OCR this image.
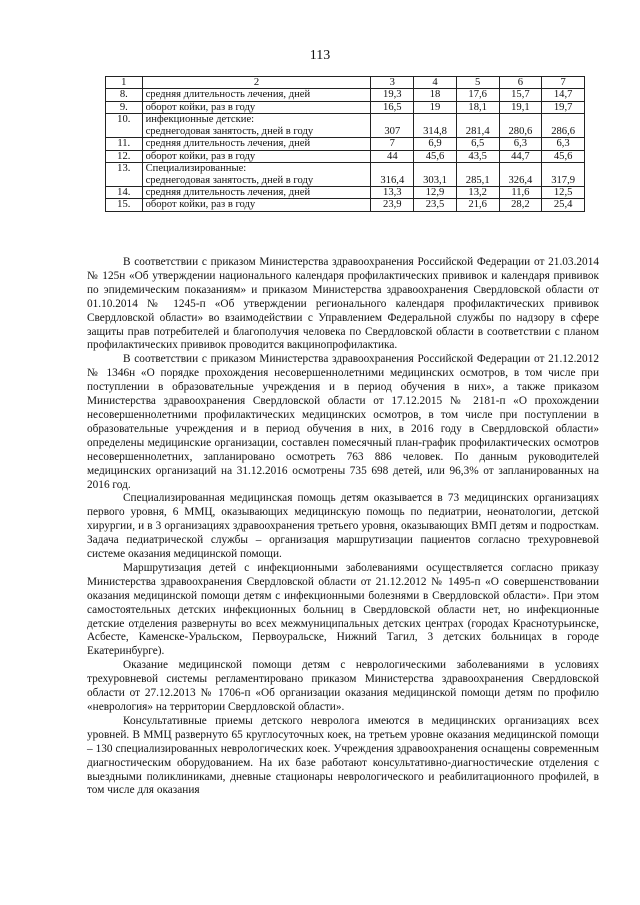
113
1	2	3	4	5	6	7
8.	средняя длительность лечения, дней	19,3	18	17,6	15,7	14,7
9.	оборот койки, раз в году	16,5	19	18,1	19,1	19,7
10.	инфекционные детские:
среднегодовая занятость, дней в году	307	314,8	281,4	280,6	286,6
11.	средняя длительность лечения, дней	7	6,9	6,5	6,3	6,3
12.	оборот койки, раз в году	44	45,6	43,5	44,7	45,6
13.	Специализированные:
среднегодовая занятость, дней в году	316,4	303,1	285,1	326,4	317,9
14.	средняя длительность лечения, дней	13,3	12,9	13,2	11,6	12,5
15.	оборот койки, раз в году	23,9	23,5	21,6	28,2	25,4

В соответствии с приказом Министерства здравоохранения Российской Федерации от 21.03.2014 № 125н «Об утверждении национального календаря профилактических прививок и календаря прививок по эпидемическим показаниям» и приказом Министерства здравоохранения Свердловской области от 01.10.2014 № 1245-п «Об утверждении регионального календаря профилактических прививок Свердловской области» во взаимодействии с Управлением Федеральной службы по надзору в сфере защиты прав потребителей и благополучия человека по Свердловской области в соответствии с планом профилактических прививок проводится вакцинопрофилактика.

В соответствии с приказом Министерства здравоохранения Российской Федерации от 21.12.2012 № 1346н «О порядке прохождения несовершеннолетними медицинских осмотров, в том числе при поступлении в образовательные учреждения и в период обучения в них», а также приказом Министерства здравоохранения Свердловской области от 17.12.2015 № 2181-п «О прохождении несовершеннолетними профилактических медицинских осмотров, в том числе при поступлении в образовательные учреждения и в период обучения в них, в 2016 году в Свердловской области» определены медицинские организации, составлен помесячный план-график профилактических осмотров несовершеннолетних, запланировано осмотреть 763 886 человек. По данным руководителей медицинских организаций на 31.12.2016 осмотрены 735 698 детей, или 96,3% от запланированных на 2016 год.

Специализированная медицинская помощь детям оказывается в 73 медицинских организациях первого уровня, 6 ММЦ, оказывающих медицинскую помощь по педиатрии, неонатологии, детской хирургии, и в 3 организациях здравоохранения третьего уровня, оказывающих ВМП детям и подросткам. Задача педиатрической службы – организация маршрутизации пациентов согласно трехуровневой системе оказания медицинской помощи.

Маршрутизация детей с инфекционными заболеваниями осуществляется согласно приказу Министерства здравоохранения Свердловской области от 21.12.2012 № 1495-п «О совершенствовании оказания медицинской помощи детям с инфекционными болезнями в Свердловской области». При этом самостоятельных детских инфекционных больниц в Свердловской области нет, но инфекционные детские отделения развернуты во всех межмуниципальных детских центрах (городах Краснотурьинске, Асбесте, Каменске-Уральском, Первоуральске, Нижний Тагил, 3 детских больницах в городе Екатеринбурге).

Оказание медицинской помощи детям с неврологическими заболеваниями в условиях трехуровневой системы регламентировано приказом Министерства здравоохранения Свердловской области от 27.12.2013 № 1706-п «Об организации оказания медицинской помощи детям по профилю «неврология» на территории Свердловской области».

Консультативные приемы детского невролога имеются в медицинских организациях всех уровней. В ММЦ развернуто 65 круглосуточных коек, на третьем уровне оказания медицинской помощи – 130 специализированных неврологических коек. Учреждения здравоохранения оснащены современным диагностическим оборудованием. На их базе работают консультативно-диагностические отделения с выездными поликлиниками, дневные стационары неврологического и реабилитационного профилей, в том числе для оказания
